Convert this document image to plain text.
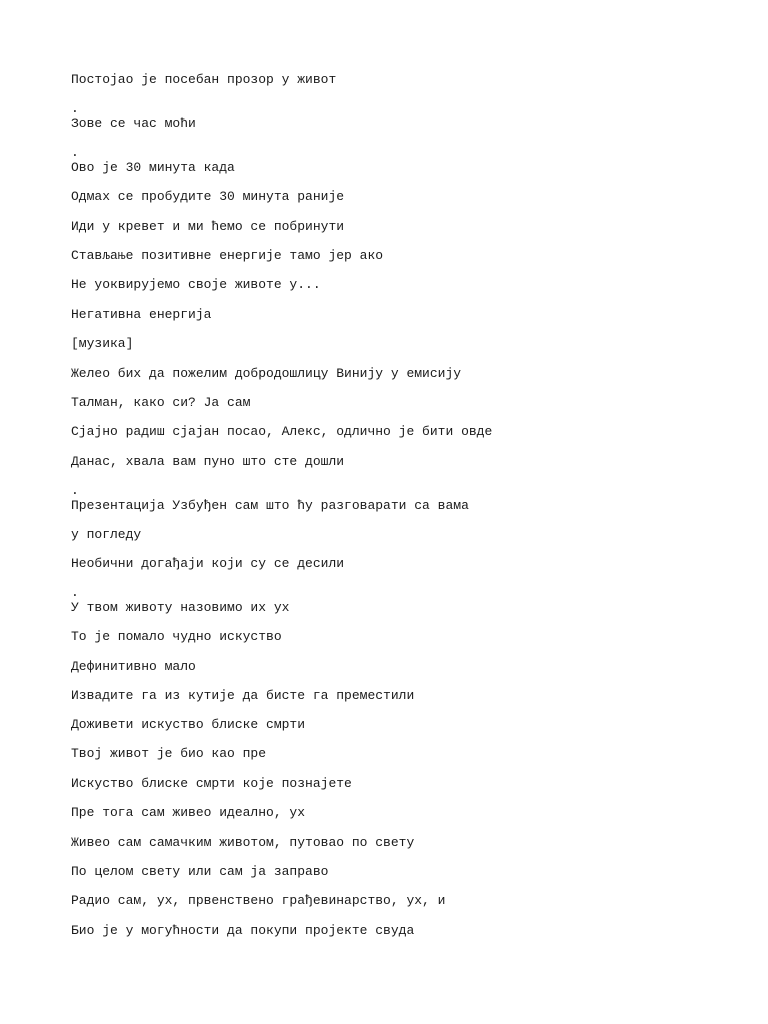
Постојао је посебан прозор у живот
.
Зове се час моћи
.
Ово је 30 минута када
Одмах се пробудите 30 минута раније
Иди у кревет и ми ћемо се побринути
Стављање позитивне енергије тамо јер ако
Не уоквирујемо своје животе у...
Негативна енергија
[музика]
Желео бих да пожелим добродошлицу Винију у емисију
Талман, како си? Ја сам
Сјајно радиш сјајан посао, Алекс, одлично је бити овде
Данас, хвала вам пуно што сте дошли
.
Презентација Узбуђен сам што ћу разговарати са вама
у погледу
Необични догађаји који су се десили
.
У твом животу назовимо их ух
То је помало чудно искуство
Дефинитивно мало
Извадите га из кутије да бисте га преместили
Доживети искуство блиске смрти
Твој живот је био као пре
Искуство блиске смрти које познајете
Пре тога сам живео идеално, ух
Живео сам самачким животом, путовао по свету
По целом свету или сам ја заправо
Радио сам, ух, првенствено грађевинарство, ух, и
Био је у могућности да покупи пројекте свуда
